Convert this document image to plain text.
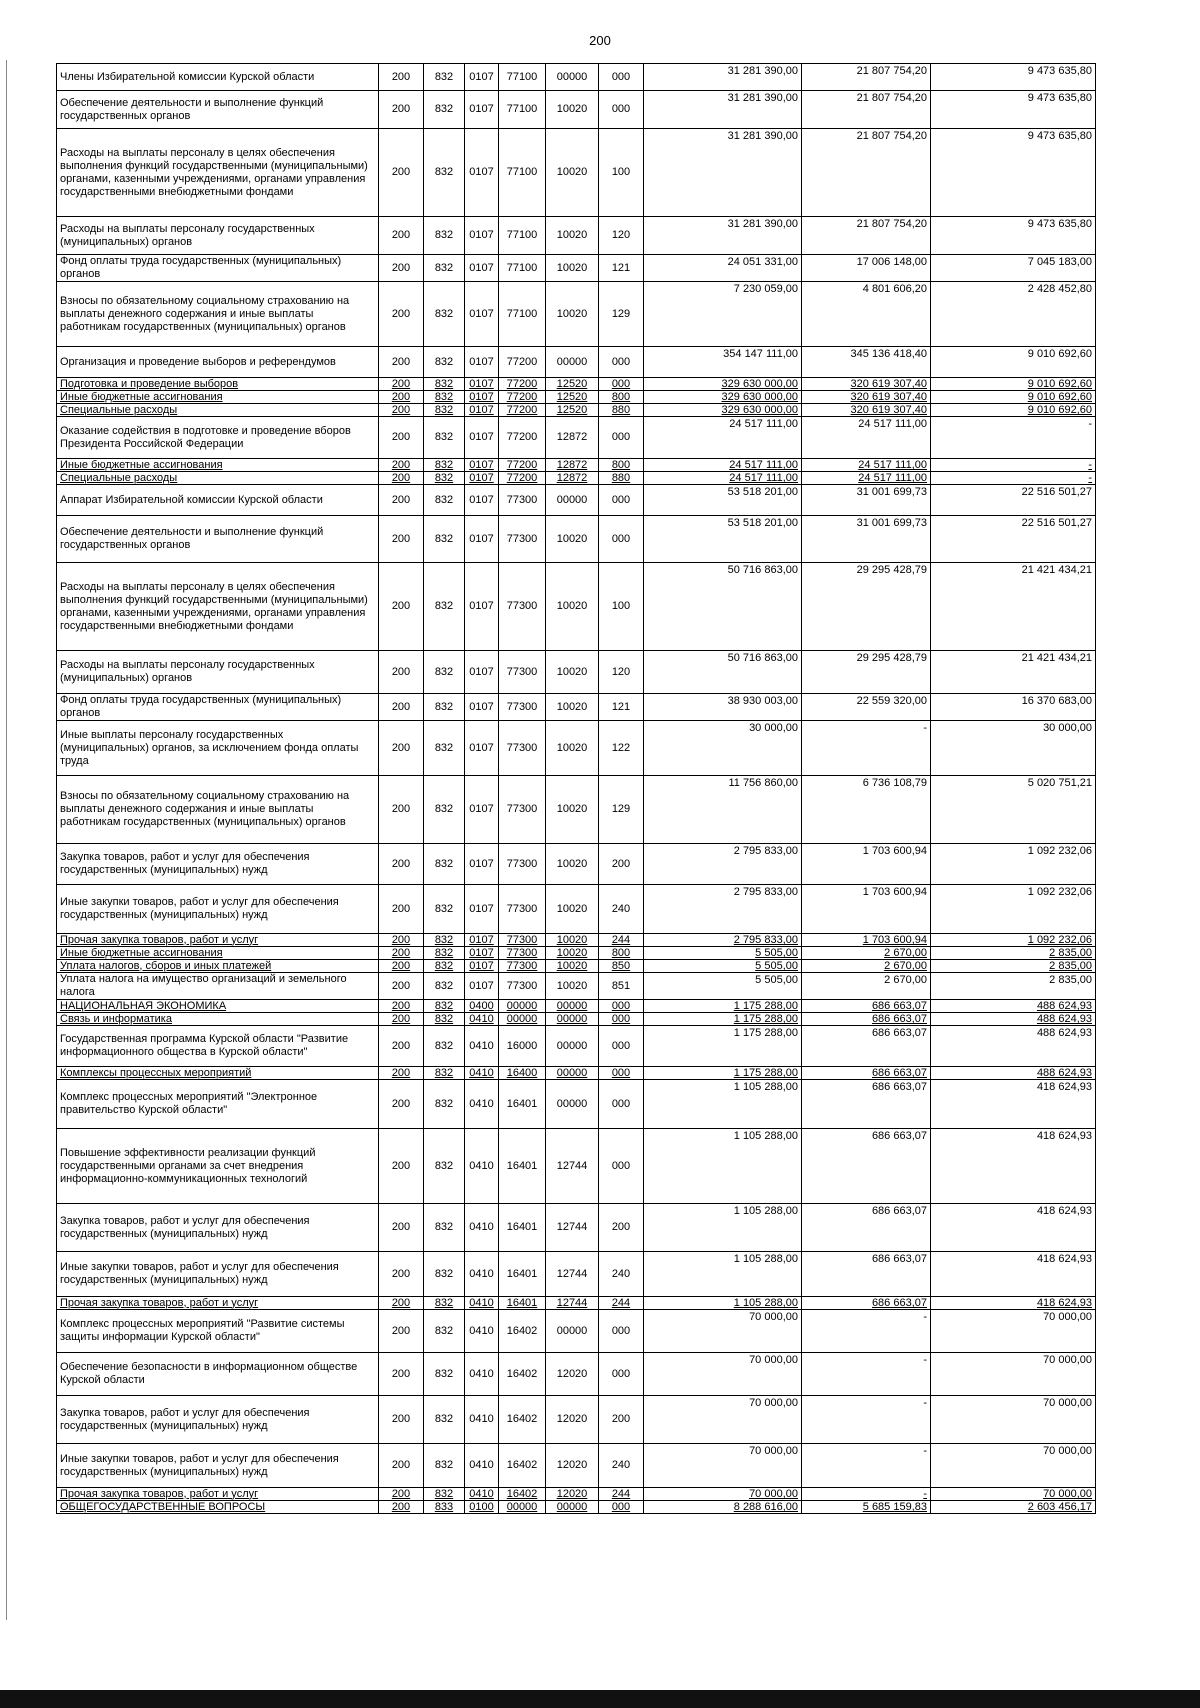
200
Члены Избирательной комиссии Курской области	200	832	0107	77100	00000	000	31 281 390,00	21 807 754,20	9 473 635,80
Обеспечение деятельности и выполнение функций государственных органов	200	832	0107	77100	10020	000	31 281 390,00	21 807 754,20	9 473 635,80
Расходы на выплаты персоналу в целях обеспечения выполнения функций государственными (муниципальными) органами, казенными учреждениями, органами управления государственными внебюджетными фондами	200	832	0107	77100	10020	100	31 281 390,00	21 807 754,20	9 473 635,80
Расходы на выплаты персоналу государственных (муниципальных) органов	200	832	0107	77100	10020	120	31 281 390,00	21 807 754,20	9 473 635,80
Фонд оплаты труда государственных (муниципальных) органов	200	832	0107	77100	10020	121	24 051 331,00	17 006 148,00	7 045 183,00
Взносы по обязательному социальному страхованию на выплаты денежного содержания и иные выплаты работникам государственных (муниципальных) органов	200	832	0107	77100	10020	129	7 230 059,00	4 801 606,20	2 428 452,80
Организация и проведение выборов и референдумов	200	832	0107	77200	00000	000	354 147 111,00	345 136 418,40	9 010 692,60
Подготовка и проведение выборов	200	832	0107	77200	12520	000	329 630 000,00	320 619 307,40	9 010 692,60
Иные бюджетные ассигнования	200	832	0107	77200	12520	800	329 630 000,00	320 619 307,40	9 010 692,60
Специальные расходы	200	832	0107	77200	12520	880	329 630 000,00	320 619 307,40	9 010 692,60
Оказание содействия в подготовке и проведение вборов Президента Российской Федерации	200	832	0107	77200	12872	000	24 517 111,00	24 517 111,00	-
Иные бюджетные ассигнования	200	832	0107	77200	12872	800	24 517 111,00	24 517 111,00	-
Специальные расходы	200	832	0107	77200	12872	880	24 517 111,00	24 517 111,00	-
Аппарат Избирательной комиссии Курской области	200	832	0107	77300	00000	000	53 518 201,00	31 001 699,73	22 516 501,27
Обеспечение деятельности и выполнение функций государственных органов	200	832	0107	77300	10020	000	53 518 201,00	31 001 699,73	22 516 501,27
Расходы на выплаты персоналу в целях обеспечения выполнения функций государственными (муниципальными) органами, казенными учреждениями, органами управления государственными внебюджетными фондами	200	832	0107	77300	10020	100	50 716 863,00	29 295 428,79	21 421 434,21
Расходы на выплаты персоналу государственных (муниципальных) органов	200	832	0107	77300	10020	120	50 716 863,00	29 295 428,79	21 421 434,21
Фонд оплаты труда государственных (муниципальных) органов	200	832	0107	77300	10020	121	38 930 003,00	22 559 320,00	16 370 683,00
Иные выплаты персоналу государственных (муниципальных) органов, за исключением фонда оплаты труда	200	832	0107	77300	10020	122	30 000,00	-	30 000,00
Взносы по обязательному социальному страхованию на выплаты денежного содержания и иные выплаты работникам государственных (муниципальных) органов	200	832	0107	77300	10020	129	11 756 860,00	6 736 108,79	5 020 751,21
Закупка товаров, работ и услуг для обеспечения государственных (муниципальных) нужд	200	832	0107	77300	10020	200	2 795 833,00	1 703 600,94	1 092 232,06
Иные закупки товаров, работ и услуг для обеспечения государственных (муниципальных) нужд	200	832	0107	77300	10020	240	2 795 833,00	1 703 600,94	1 092 232,06
Прочая закупка товаров, работ и услуг	200	832	0107	77300	10020	244	2 795 833,00	1 703 600,94	1 092 232,06
Иные бюджетные ассигнования	200	832	0107	77300	10020	800	5 505,00	2 670,00	2 835,00
Уплата налогов, сборов и иных платежей	200	832	0107	77300	10020	850	5 505,00	2 670,00	2 835,00
Уплата налога на имущество организаций и земельного налога	200	832	0107	77300	10020	851	5 505,00	2 670,00	2 835,00
НАЦИОНАЛЬНАЯ ЭКОНОМИКА	200	832	0400	00000	00000	000	1 175 288,00	686 663,07	488 624,93
Связь и информатика	200	832	0410	00000	00000	000	1 175 288,00	686 663,07	488 624,93
Государственная программа Курской области "Развитие информационного общества в Курской области"	200	832	0410	16000	00000	000	1 175 288,00	686 663,07	488 624,93
Комплексы процессных мероприятий	200	832	0410	16400	00000	000	1 175 288,00	686 663,07	488 624,93
Комплекс процессных мероприятий "Электронное правительство Курской области"	200	832	0410	16401	00000	000	1 105 288,00	686 663,07	418 624,93
Повышение эффективности реализации функций государственными органами за счет внедрения информационно-коммуникационных технологий	200	832	0410	16401	12744	000	1 105 288,00	686 663,07	418 624,93
Закупка товаров, работ и услуг для обеспечения государственных (муниципальных) нужд	200	832	0410	16401	12744	200	1 105 288,00	686 663,07	418 624,93
Иные закупки товаров, работ и услуг для обеспечения государственных (муниципальных) нужд	200	832	0410	16401	12744	240	1 105 288,00	686 663,07	418 624,93
Прочая закупка товаров, работ и услуг	200	832	0410	16401	12744	244	1 105 288,00	686 663,07	418 624,93
Комплекс процессных мероприятий "Развитие системы защиты информации Курской области"	200	832	0410	16402	00000	000	70 000,00	-	70 000,00
Обеспечение безопасности в информационном обществе Курской области	200	832	0410	16402	12020	000	70 000,00	-	70 000,00
Закупка товаров, работ и услуг для обеспечения государственных (муниципальных) нужд	200	832	0410	16402	12020	200	70 000,00	-	70 000,00
Иные закупки товаров, работ и услуг для обеспечения государственных (муниципальных) нужд	200	832	0410	16402	12020	240	70 000,00	-	70 000,00
Прочая закупка товаров, работ и услуг	200	832	0410	16402	12020	244	70 000,00	-	70 000,00
ОБЩЕГОСУДАРСТВЕННЫЕ ВОПРОСЫ	200	833	0100	00000	00000	000	8 288 616,00	5 685 159,83	2 603 456,17
